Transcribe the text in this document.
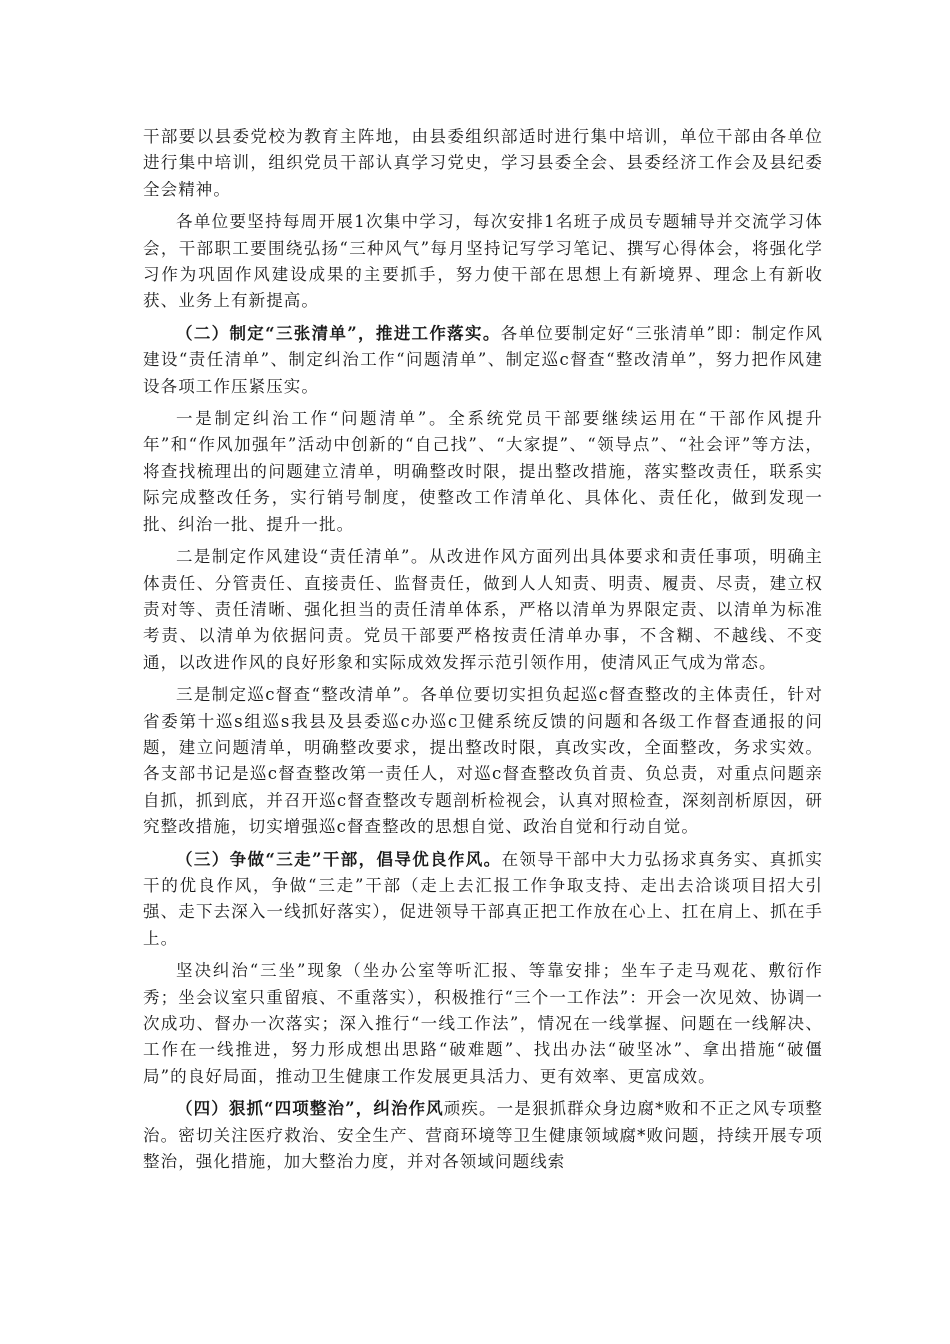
干部要以县委党校为教育主阵地，由县委组织部适时进行集中培训，单位干部由各单位进行集中培训，组织党员干部认真学习党史，学习县委全会、县委经济工作会及县纪委全会精神。

各单位要坚持每周开展1次集中学习，每次安排1名班子成员专题辅导并交流学习体会，干部职工要围绕弘扬“三种风气”每月坚持记写学习笔记、撰写心得体会，将强化学习作为巩固作风建设成果的主要抓手，努力使干部在思想上有新境界、理念上有新收获、业务上有新提高。

（二）制定“三张清单”，推进工作落实。各单位要制定好“三张清单”即：制定作风建设“责任清单”、制定纠治工作“问题清单”、制定巡c督查“整改清单”，努力把作风建设各项工作压紧压实。

一是制定纠治工作“问题清单”。全系统党员干部要继续运用在“干部作风提升年”和“作风加强年”活动中创新的“自己找”、“大家提”、“领导点”、“社会评”等方法，将查找梳理出的问题建立清单，明确整改时限，提出整改措施，落实整改责任，联系实际完成整改任务，实行销号制度，使整改工作清单化、具体化、责任化，做到发现一批、纠治一批、提升一批。

二是制定作风建设“责任清单”。从改进作风方面列出具体要求和责任事项，明确主体责任、分管责任、直接责任、监督责任，做到人人知责、明责、履责、尽责，建立权责对等、责任清晰、强化担当的责任清单体系，严格以清单为界限定责、以清单为标准考责、以清单为依据问责。党员干部要严格按责任清单办事，不含糊、不越线、不变通，以改进作风的良好形象和实际成效发挥示范引领作用，使清风正气成为常态。

三是制定巡c督查“整改清单”。各单位要切实担负起巡c督查整改的主体责任，针对省委第十巡s组巡s我县及县委巡c办巡c卫健系统反馈的问题和各级工作督查通报的问题，建立问题清单，明确整改要求，提出整改时限，真改实改，全面整改，务求实效。各支部书记是巡c督查整改第一责任人，对巡c督查整改负首责、负总责，对重点问题亲自抓，抓到底，并召开巡c督查整改专题剖析检视会，认真对照检查，深刻剖析原因，研究整改措施，切实增强巡c督查整改的思想自觉、政治自觉和行动自觉。

（三）争做“三走”干部，倡导优良作风。在领导干部中大力弘扬求真务实、真抓实干的优良作风，争做“三走”干部（走上去汇报工作争取支持、走出去洽谈项目招大引强、走下去深入一线抓好落实），促进领导干部真正把工作放在心上、扛在肩上、抓在手上。

坚决纠治“三坐”现象（坐办公室等听汇报、等靠安排；坐车子走马观花、敷衍作秀；坐会议室只重留痕、不重落实），积极推行“三个一工作法”：开会一次见效、协调一次成功、督办一次落实；深入推行“一线工作法”，情况在一线掌握、问题在一线解决、工作在一线推进，努力形成想出思路“破难题”、找出办法“破坚冰”、拿出措施“破僵局”的良好局面，推动卫生健康工作发展更具活力、更有效率、更富成效。

（四）狠抓“四项整治”，纠治作风顽疾。一是狠抓群众身边腐*败和不正之风专项整治。密切关注医疗救治、安全生产、营商环境等卫生健康领域腐*败问题，持续开展专项整治，强化措施，加大整治力度，并对各领域问题线索
